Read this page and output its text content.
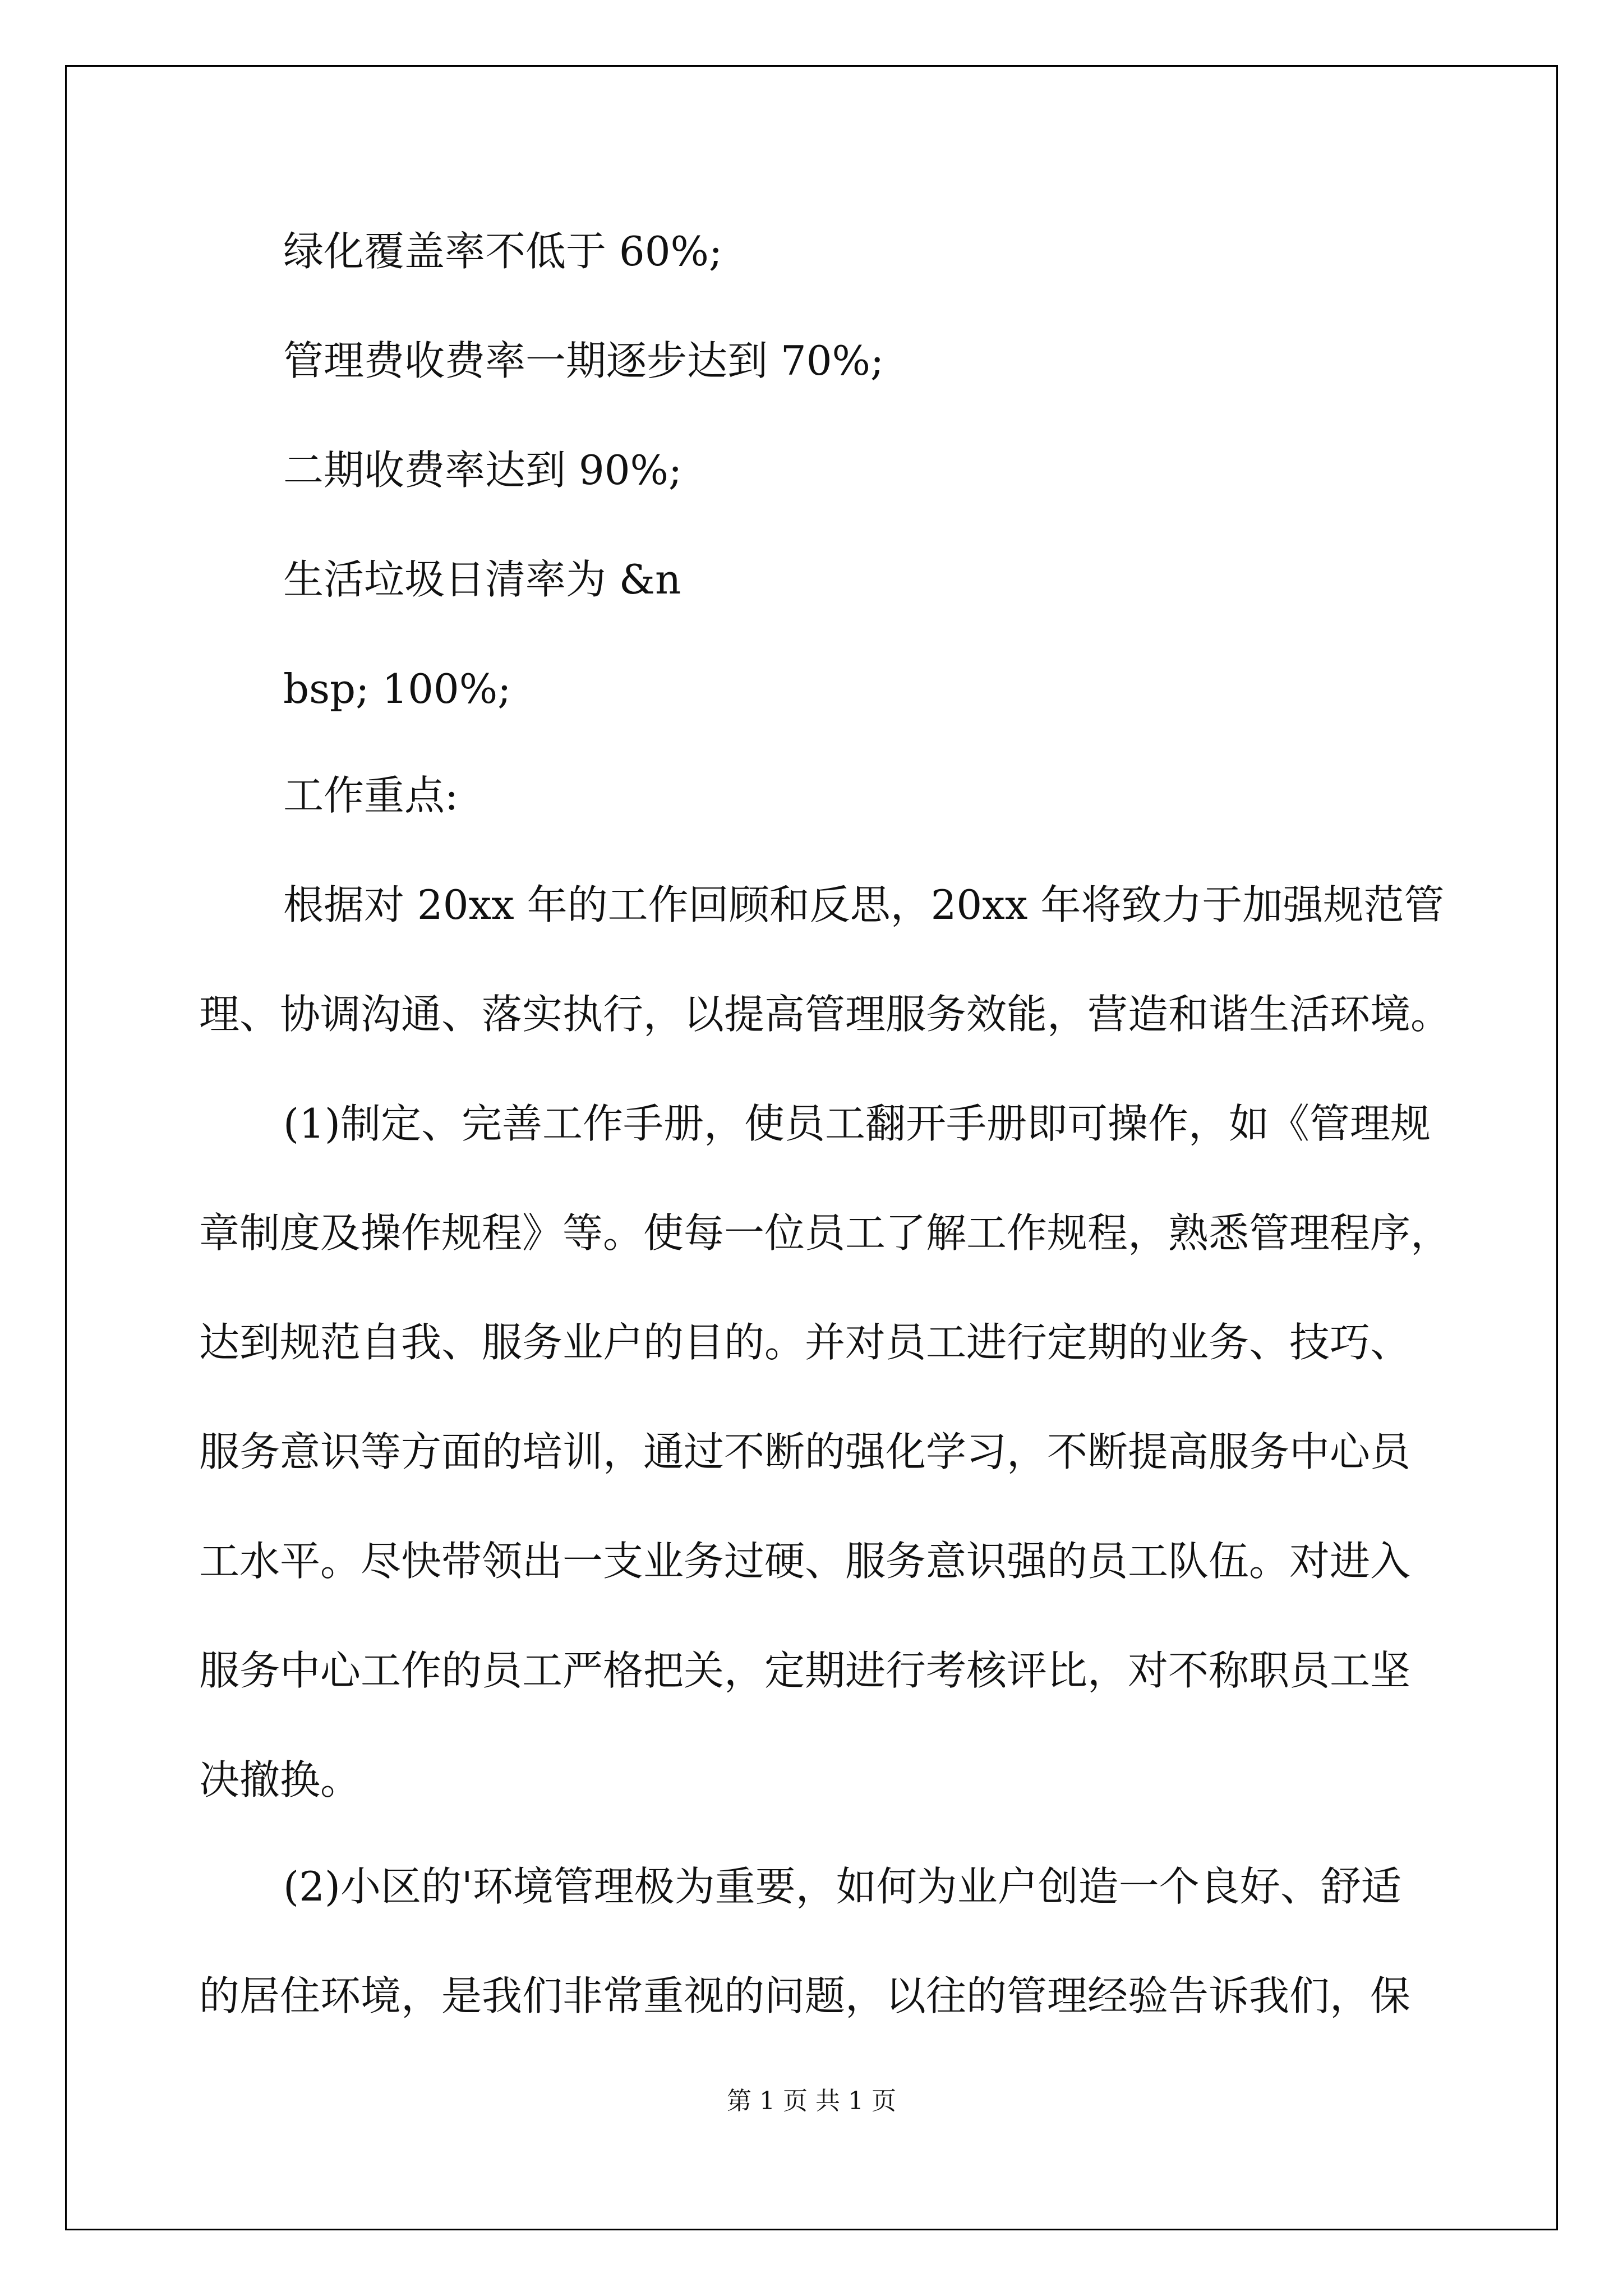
绿化覆盖率不低于 60%;
管理费收费率一期逐步达到 70%;
二期收费率达到 90%;
生活垃圾日清率为 &n
bsp; 100%;
工作重点:
根据对 20xx 年的工作回顾和反思，20xx 年将致力于加强规范管
理、协调沟通、落实执行，以提高管理服务效能，营造和谐生活环境。
(1)制定、完善工作手册，使员工翻开手册即可操作，如《管理规
章制度及操作规程》等。使每一位员工了解工作规程，熟悉管理程序，
达到规范自我、服务业户的目的。并对员工进行定期的业务、技巧、
服务意识等方面的培训，通过不断的强化学习，不断提高服务中心员
工水平。尽快带领出一支业务过硬、服务意识强的员工队伍。对进入
服务中心工作的员工严格把关，定期进行考核评比，对不称职员工坚
决撤换。
(2)小区的'环境管理极为重要，如何为业户创造一个良好、舒适
的居住环境，是我们非常重视的问题，以往的管理经验告诉我们，保
第 1 页 共 1 页
